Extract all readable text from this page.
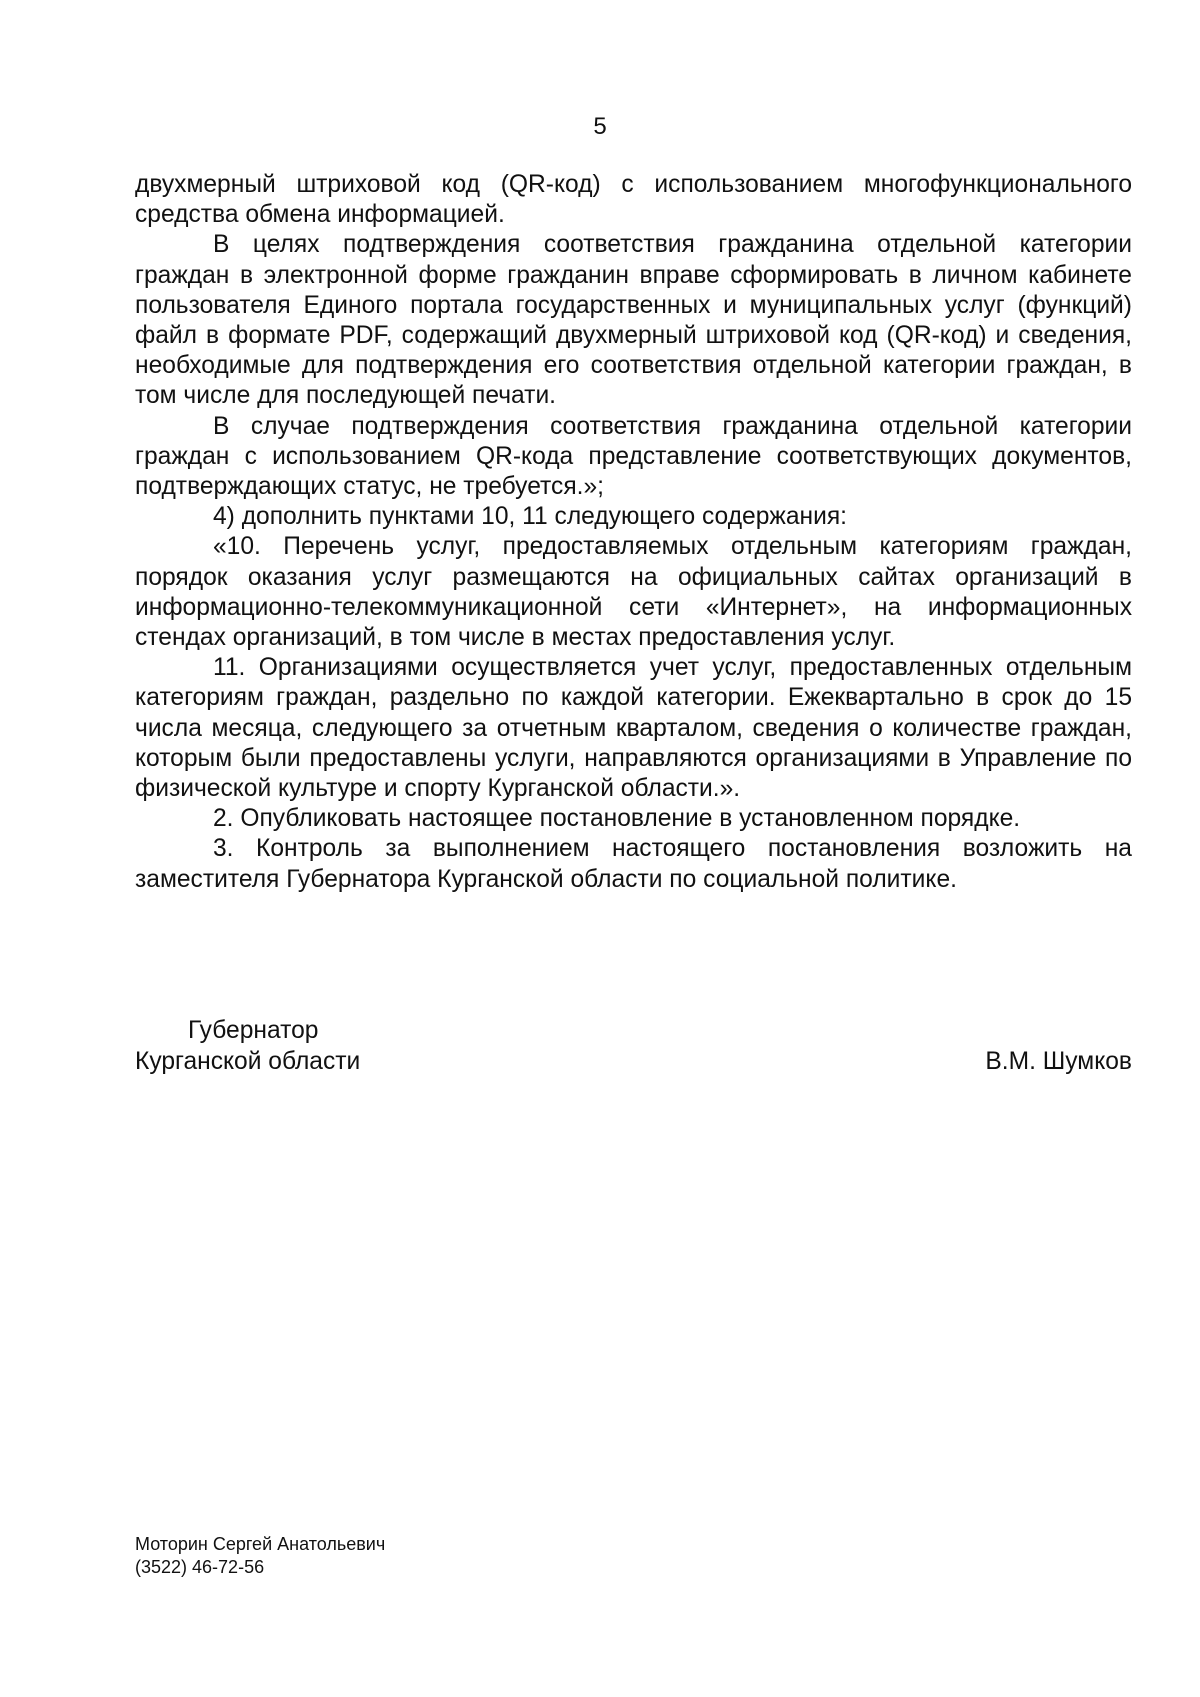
5

двухмерный штриховой код (QR-код) с использованием многофункционального средства обмена информацией.

В целях подтверждения соответствия гражданина отдельной категории граждан в электронной форме гражданин вправе сформировать в личном кабинете пользователя Единого портала государственных и муниципальных услуг (функций) файл в формате PDF, содержащий двухмерный штриховой код (QR-код) и сведения, необходимые для подтверждения его соответствия отдельной категории граждан, в том числе для последующей печати.

В случае подтверждения соответствия гражданина отдельной категории граждан с использованием QR-кода представление соответствующих документов, подтверждающих статус, не требуется.»;

4) дополнить пунктами 10, 11 следующего содержания:

«10. Перечень услуг, предоставляемых отдельным категориям граждан, порядок оказания услуг размещаются на официальных сайтах организаций в информационно-телекоммуникационной сети «Интернет», на информационных стендах организаций, в том числе в местах предоставления услуг.

11. Организациями осуществляется учет услуг, предоставленных отдельным категориям граждан, раздельно по каждой категории. Ежеквартально в срок до 15 числа месяца, следующего за отчетным кварталом, сведения о количестве граждан, которым были предоставлены услуги, направляются организациями в Управление по физической культуре и спорту Курганской области.».

2. Опубликовать настоящее постановление в установленном порядке.

3. Контроль за выполнением настоящего постановления возложить на заместителя Губернатора Курганской области по социальной политике.

Губернатор
Курганской области	В.М. Шумков
Моторин Сергей Анатольевич
(3522) 46-72-56
